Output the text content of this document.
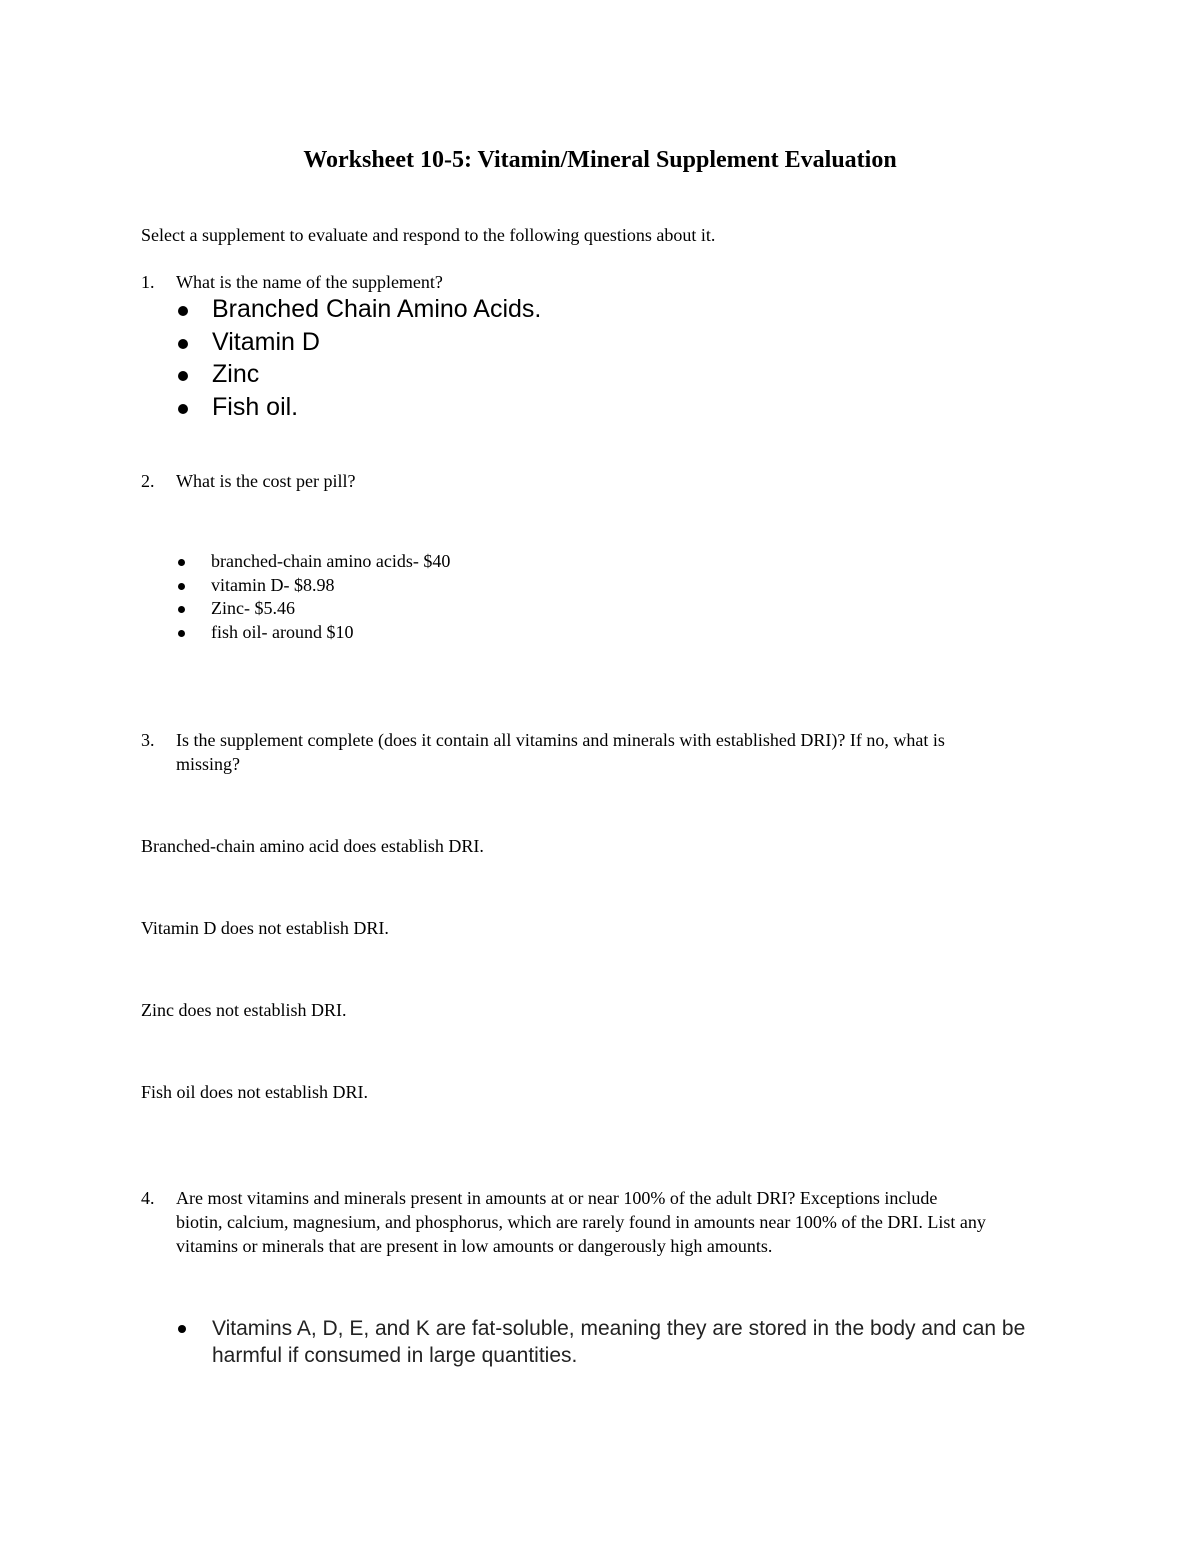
Worksheet 10-5: Vitamin/Mineral Supplement Evaluation
Select a supplement to evaluate and respond to the following questions about it.
1.	What is the name of the supplement?
Branched Chain Amino Acids.
Vitamin D
Zinc
Fish oil.
2.	What is the cost per pill?
branched-chain amino acids- $40
vitamin D- $8.98
Zinc- $5.46
fish oil- around $10
3.	Is the supplement complete (does it contain all vitamins and minerals with established DRI)? If no, what is
missing?
Branched-chain amino acid does establish DRI.
Vitamin D does not establish DRI.
Zinc does not establish DRI.
Fish oil does not establish DRI.
4.	Are most vitamins and minerals present in amounts at or near 100% of the adult DRI? Exceptions include
biotin, calcium, magnesium, and phosphorus, which are rarely found in amounts near 100% of the DRI. List any
vitamins or minerals that are present in low amounts or dangerously high amounts.
Vitamins A, D, E, and K are fat-soluble, meaning they are stored in the body and can be
harmful if consumed in large quantities.
